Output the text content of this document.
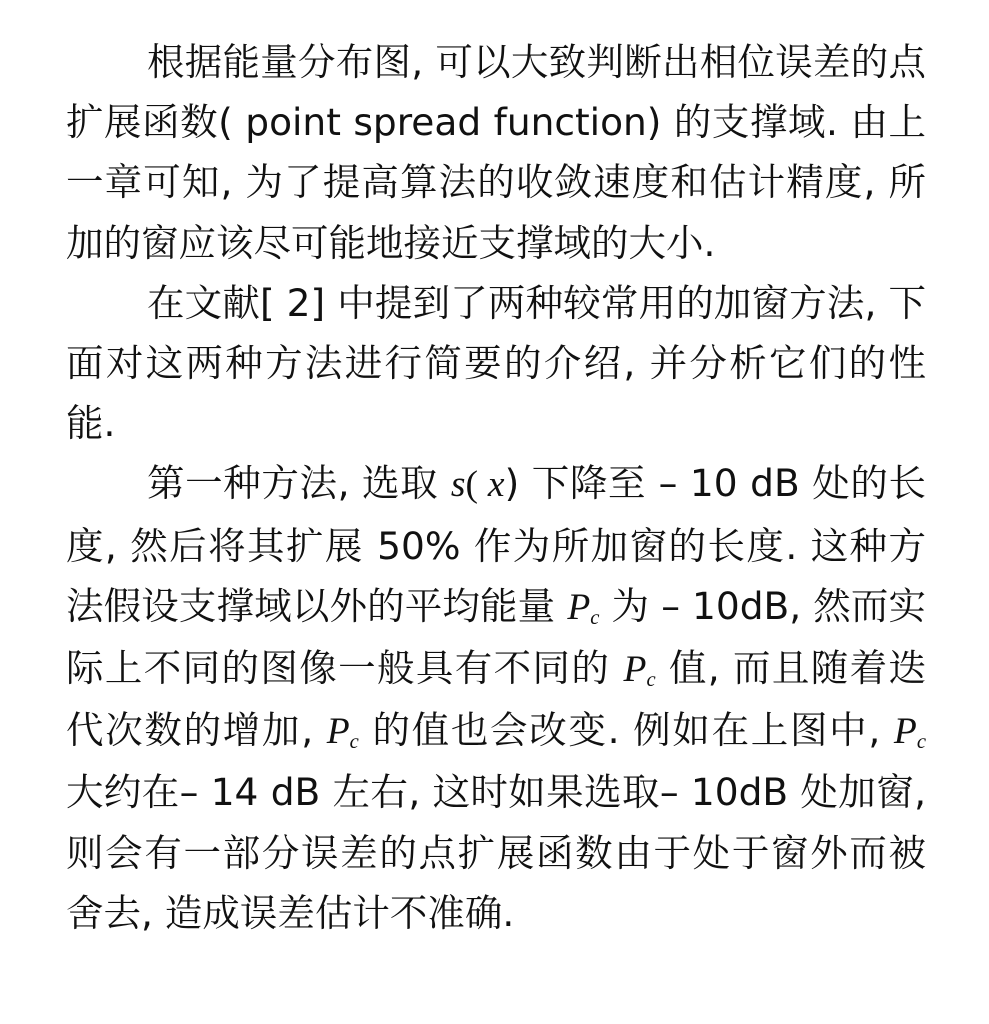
根据能量分布图, 可以大致判断出相位误差的点扩展函数( point spread function) 的支撑域. 由上一章可知, 为了提高算法的收敛速度和估计精度, 所加的窗应该尽可能地接近支撑域的大小.

在文献[ 2] 中提到了两种较常用的加窗方法, 下面对这两种方法进行简要的介绍, 并分析它们的性能.

第一种方法, 选取 s( x) 下降至 – 10 dB 处的长度, 然后将其扩展 50% 作为所加窗的长度. 这种方法假设支撑域以外的平均能量 $P_c$ 为 – 10dB, 然而实际上不同的图像一般具有不同的 $P_c$ 值, 而且随着迭代次数的增加, $P_c$ 的值也会改变. 例如在上图中, $P_c$ 大约在– 14 dB 左右, 这时如果选取– 10dB 处加窗, 则会有一部分误差的点扩展函数由于处于窗外而被舍去, 造成误差估计不准确.
